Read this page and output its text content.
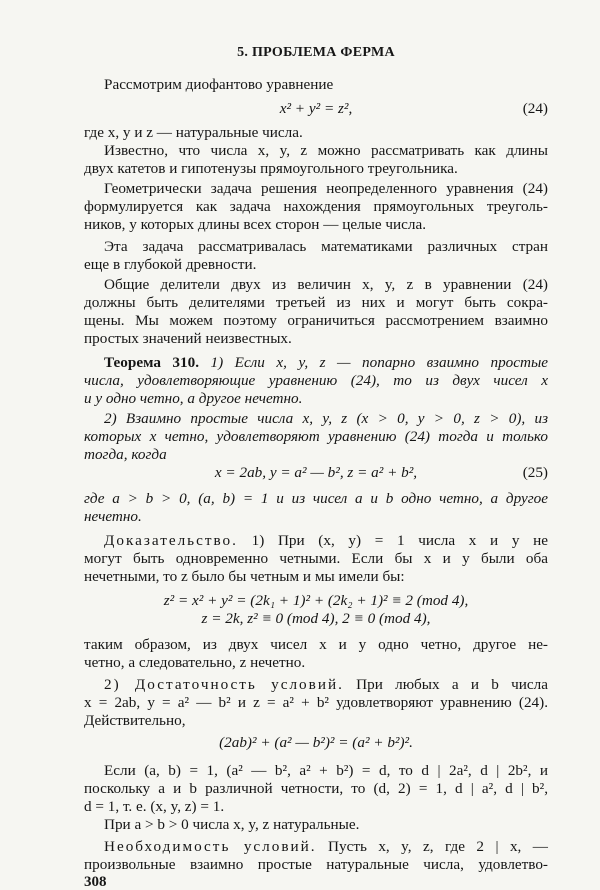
5. ПРОБЛЕМА ФЕРМА
Рассмотрим диофантово уравнение
x² + y² = z²,	(24)
где x, y и z — натуральные числа.
Известно, что числа x, y, z можно рассматривать как длины
двух катетов и гипотенузы прямоугольного треугольника.
Геометрически задача решения неопределенного уравнения (24)
формулируется как задача нахождения прямоугольных треуголь-
ников, у которых длины всех сторон — целые числа.
Эта задача рассматривалась математиками различных стран
еще в глубокой древности.
Общие делители двух из величин x, y, z в уравнении (24)
должны быть делителями третьей из них и могут быть сокра-
щены. Мы можем поэтому ограничиться рассмотрением взаимно
простых значений неизвестных.
Теорема 310. 1) Если x, y, z — попарно взаимно простые
числа, удовлетворяющие уравнению (24), то из двух чисел x
и y одно четно, а другое нечетно.
2) Взаимно простые числа x, y, z (x > 0, y > 0, z > 0), из
которых x четно, удовлетворяют уравнению (24) тогда и только
тогда, когда
x = 2ab, y = a² — b², z = a² + b²,	(25)
где a > b > 0, (a, b) = 1 и из чисел a и b одно четно, а другое
нечетно.
Доказательство. 1) При (x, y) = 1 числа x и y не
могут быть одновременно четными. Если бы x и y были оба
нечетными, то z было бы четным и мы имели бы:
z² = x² + y² = (2k₁ + 1)² + (2k₂ + 1)² ≡ 2 (mod 4),
z = 2k, z² ≡ 0 (mod 4), 2 ≡ 0 (mod 4),
таким образом, из двух чисел x и y одно четно, другое не-
четно, а следовательно, z нечетно.
2) Достаточность условий. При любых a и b числа
x = 2ab, y = a² — b² и z = a² + b² удовлетворяют уравнению (24).
Действительно,
(2ab)² + (a² — b²)² = (a² + b²)².
Если (a, b) = 1, (a² — b², a² + b²) = d, то d | 2a², d | 2b², и
поскольку a и b различной четности, то (d, 2) = 1, d | a², d | b²,
d = 1, т. е. (x, y, z) = 1.
При a > b > 0 числа x, y, z натуральные.
Необходимость условий. Пусть x, y, z, где 2 | x, —
произвольные взаимно простые натуральные числа, удовлетво-
308
